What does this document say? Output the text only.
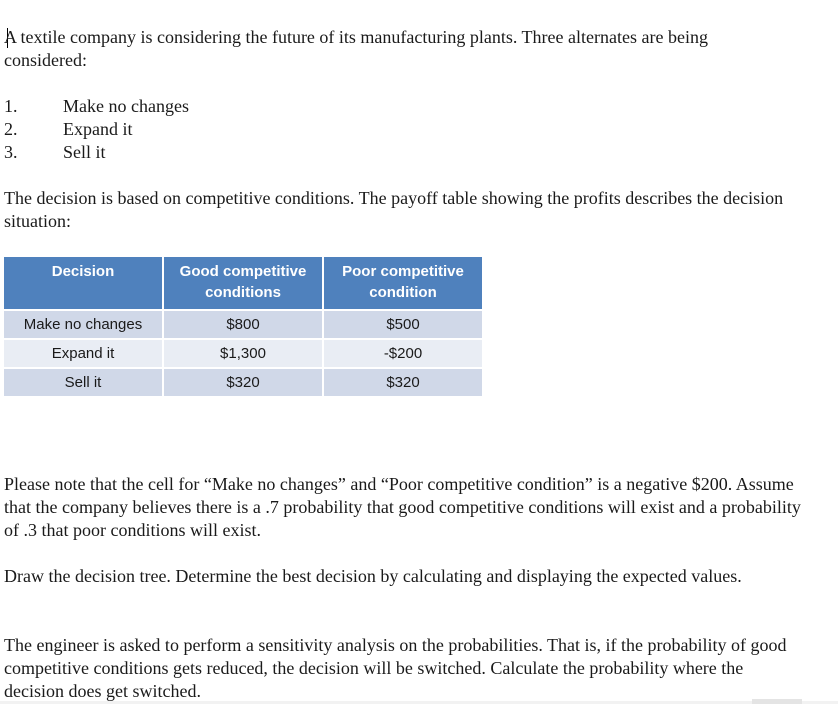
A textile company is considering the future of its manufacturing plants. Three alternates are being considered:

1.	Make no changes
2.	Expand it
3.	Sell it

The decision is based on competitive conditions. The payoff table showing the profits describes the decision situation:

Decision	Good competitive conditions	Poor competitive condition
Make no changes	$800	$500
Expand it	$1,300	-$200
Sell it	$320	$320

Please note that the cell for “Make no changes” and “Poor competitive condition” is a negative $200. Assume that the company believes there is a .7 probability that good competitive conditions will exist and a probability of .3 that poor conditions will exist.

Draw the decision tree. Determine the best decision by calculating and displaying the expected values.

The engineer is asked to perform a sensitivity analysis on the probabilities. That is, if the probability of good competitive conditions gets reduced, the decision will be switched. Calculate the probability where the decision does get switched.
